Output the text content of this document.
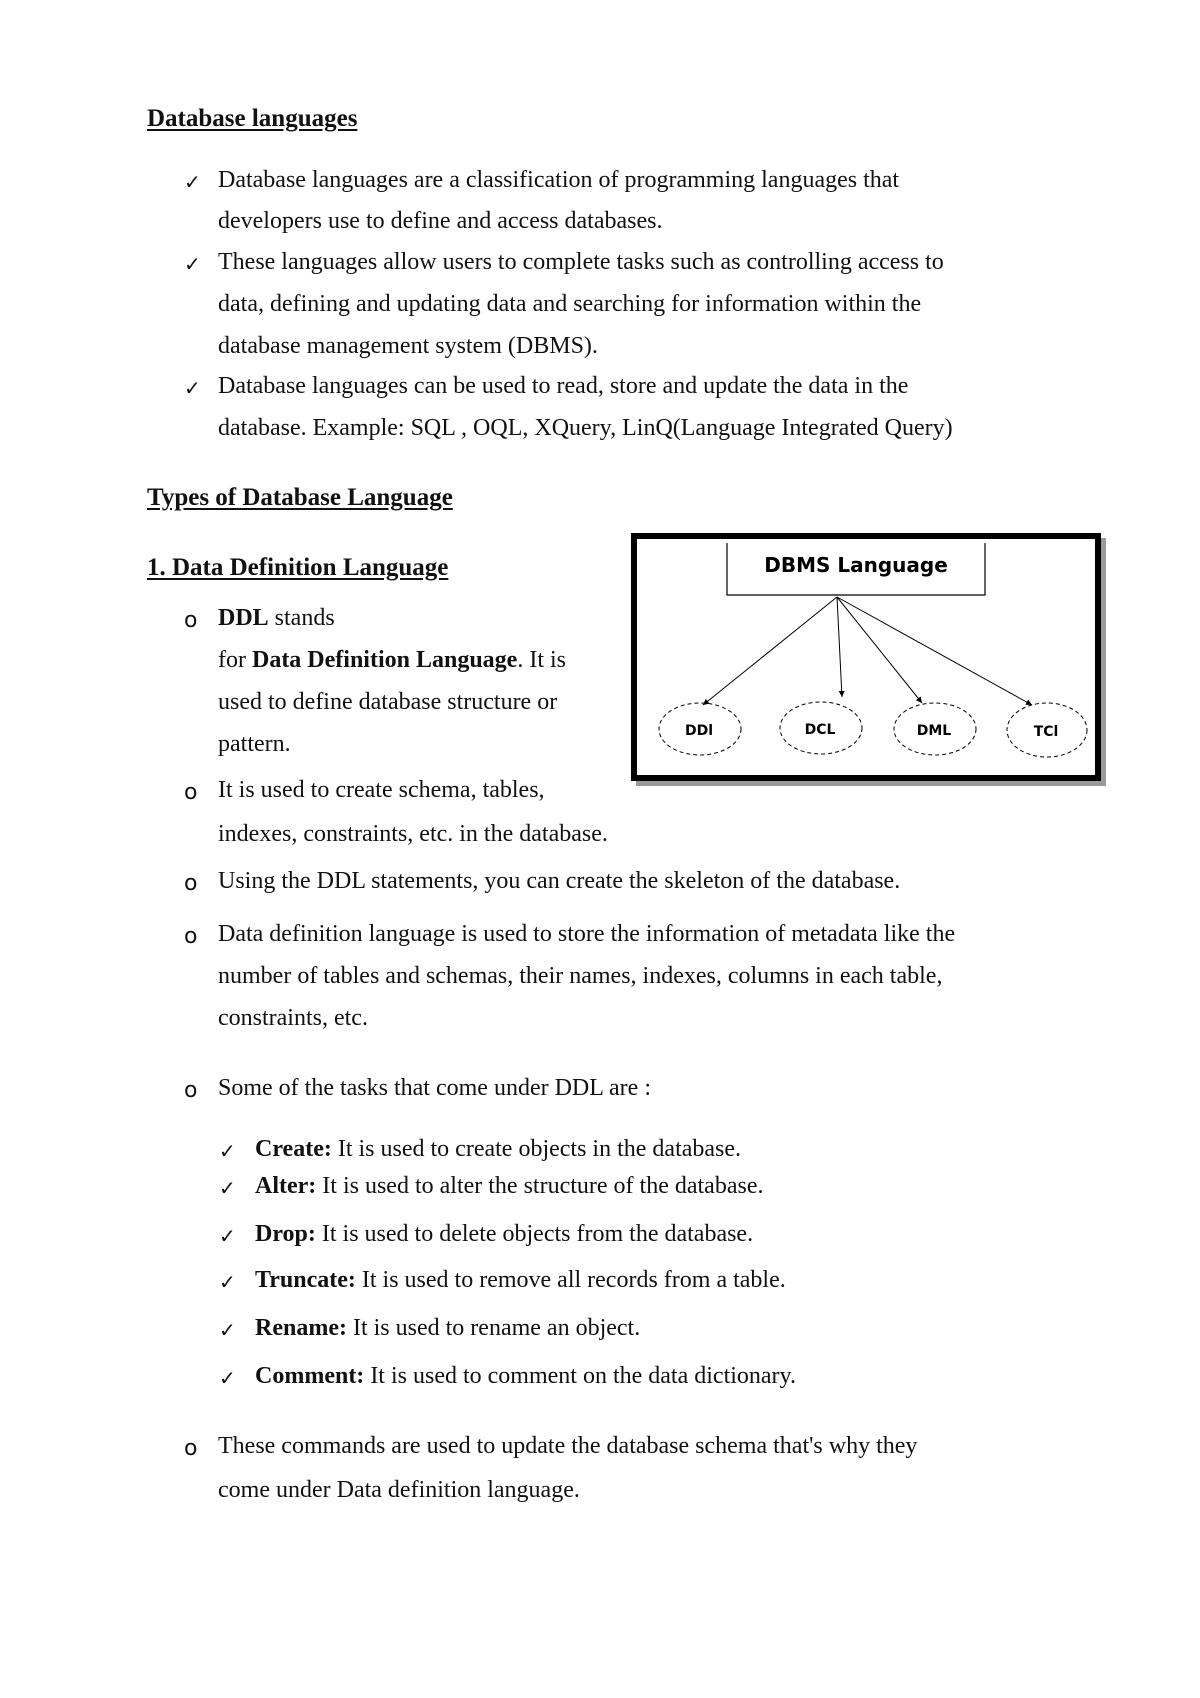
Database languages
✓ Database languages are a classification of programming languages that
developers use to define and access databases.
✓ These languages allow users to complete tasks such as controlling access to
data, defining and updating data and searching for information within the
database management system (DBMS).
✓ Database languages can be used to read, store and update the data in the
database. Example: SQL , OQL, XQuery, LinQ(Language Integrated Query)
Types of Database Language
1. Data Definition Language
o DDL stands
for Data Definition Language. It is
used to define database structure or
pattern.
o It is used to create schema, tables,
indexes, constraints, etc. in the database.
o Using the DDL statements, you can create the skeleton of the database.
o Data definition language is used to store the information of metadata like the
number of tables and schemas, their names, indexes, columns in each table,
constraints, etc.
o Some of the tasks that come under DDL are :
✓ Create: It is used to create objects in the database.
✓ Alter: It is used to alter the structure of the database.
✓ Drop: It is used to delete objects from the database.
✓ Truncate: It is used to remove all records from a table.
✓ Rename: It is used to rename an object.
✓ Comment: It is used to comment on the data dictionary.
o These commands are used to update the database schema that's why they
come under Data definition language.
DBMS Language
DDl	DCL	DML	TCl
